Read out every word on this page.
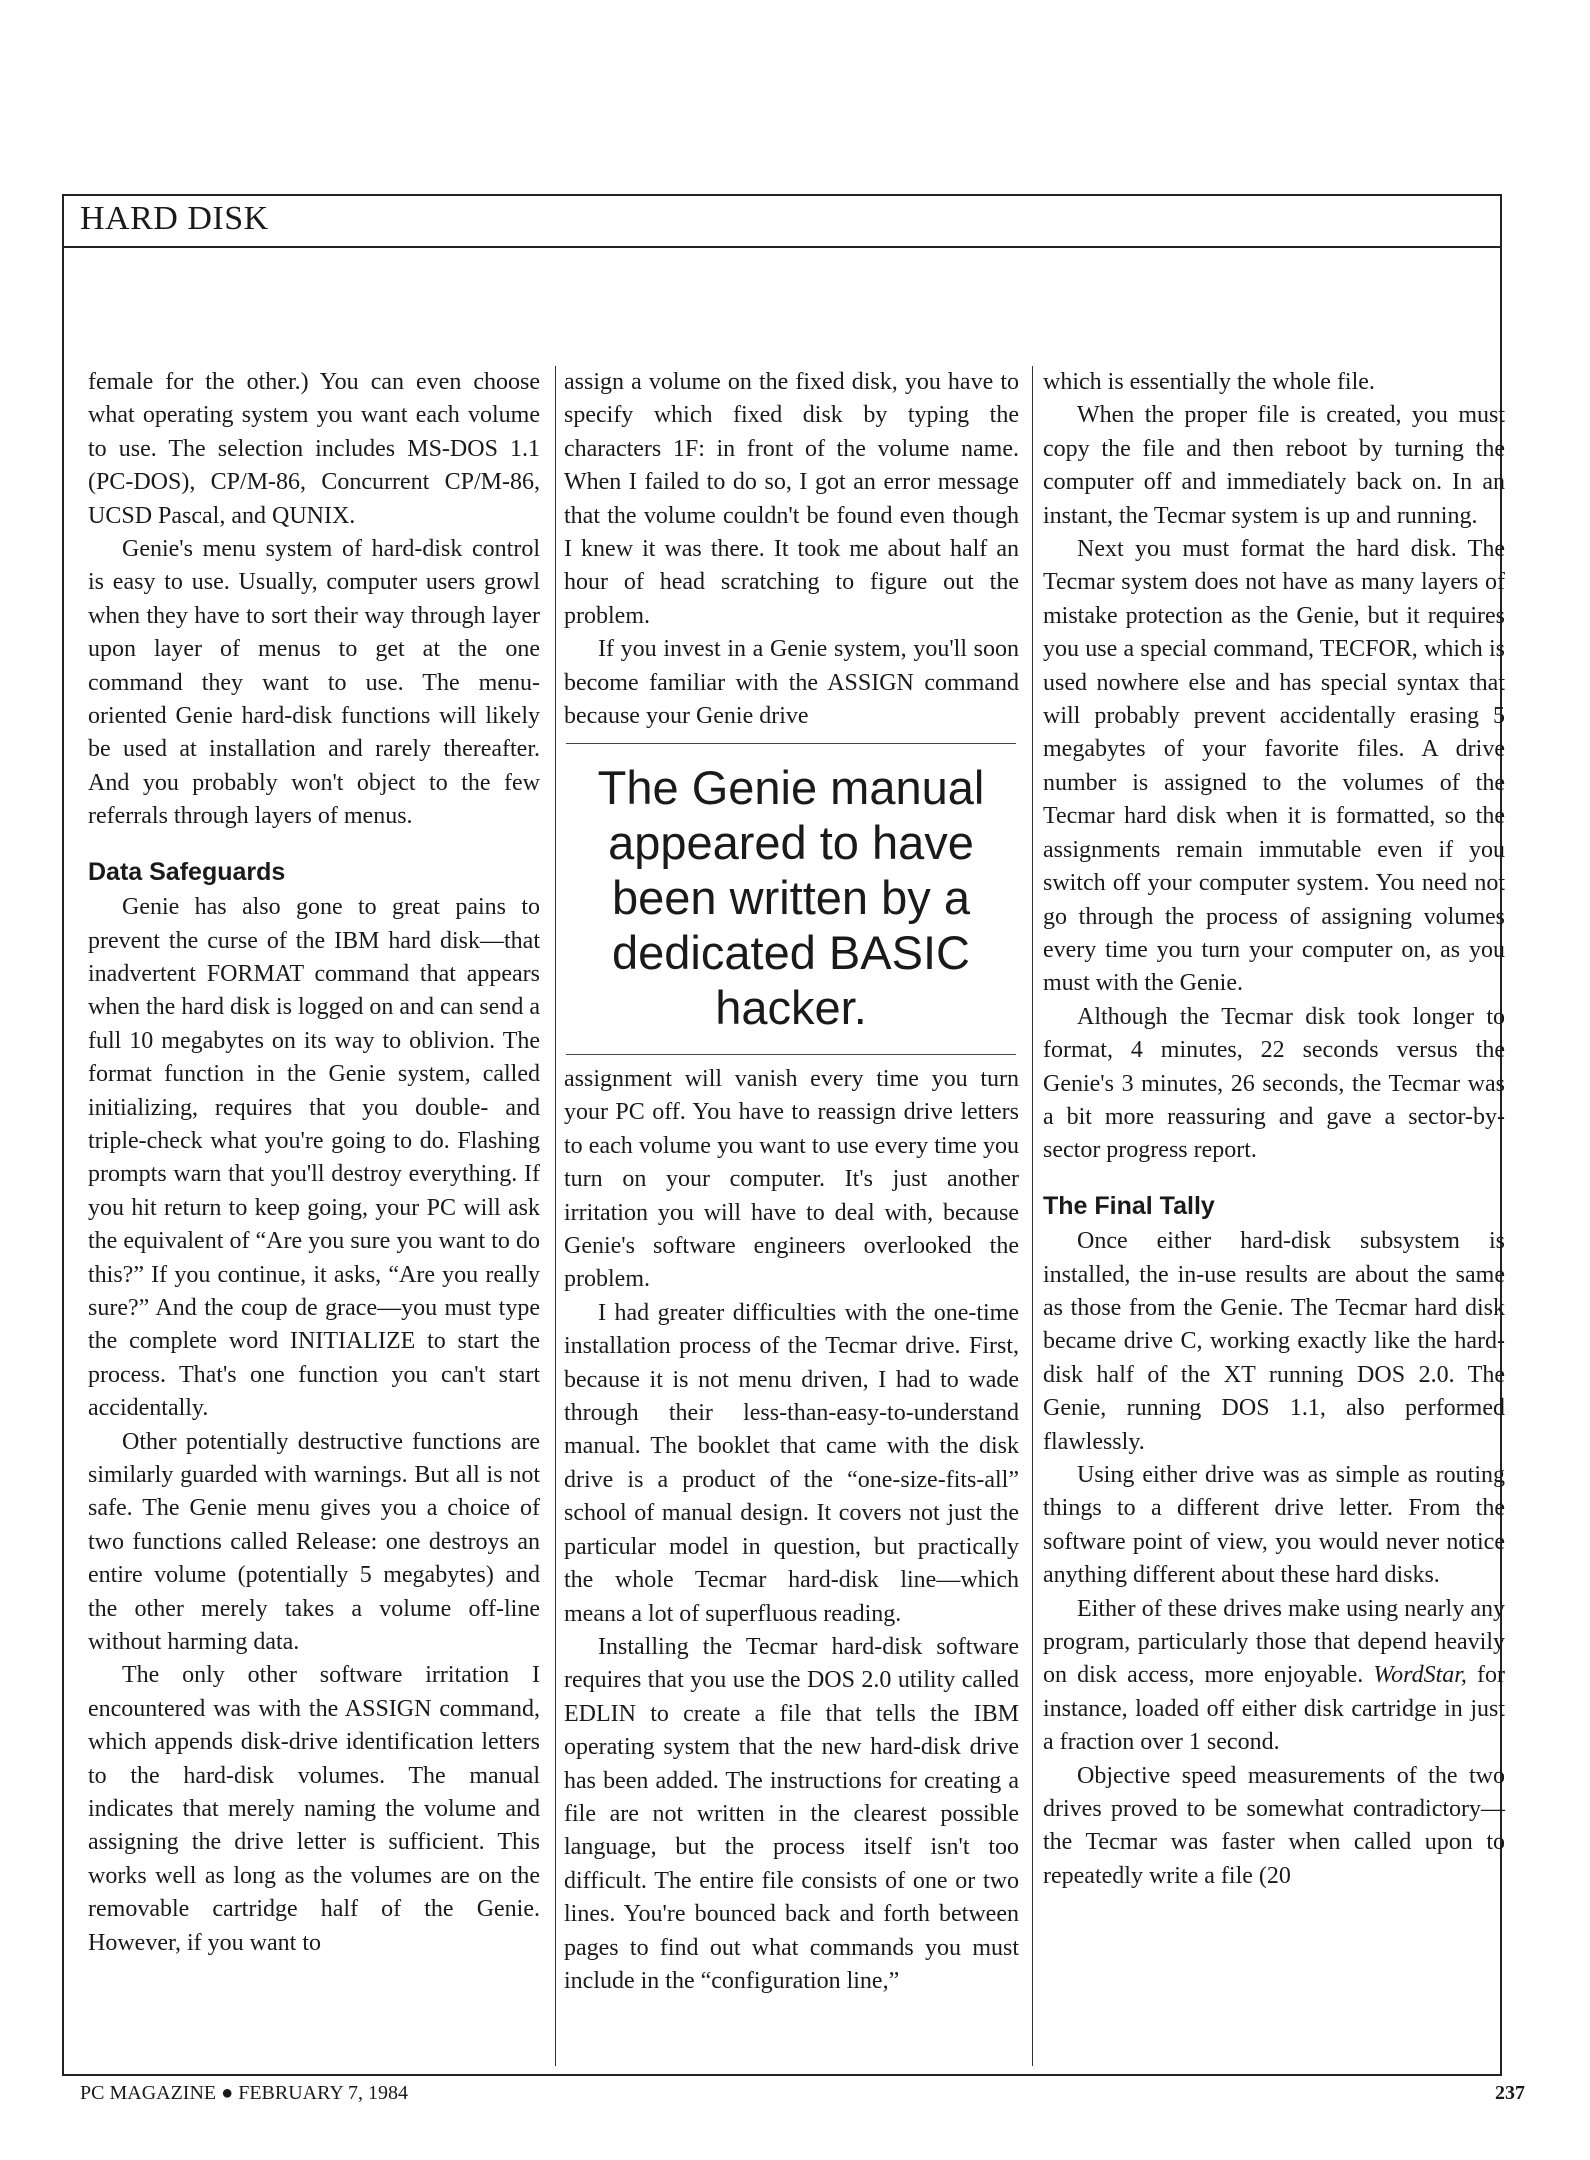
HARD DISK

female for the other.) You can even choose what operating system you want each volume to use. The selection includes MS-DOS 1.1 (PC-DOS), CP/M-86, Concurrent CP/M-86, UCSD Pascal, and QUNIX.

Genie's menu system of hard-disk control is easy to use. Usually, computer users growl when they have to sort their way through layer upon layer of menus to get at the one command they want to use. The menu-oriented Genie hard-disk functions will likely be used at installation and rarely thereafter. And you probably won't object to the few referrals through layers of menus.

Data Safeguards

Genie has also gone to great pains to prevent the curse of the IBM hard disk—that inadvertent FORMAT command that appears when the hard disk is logged on and can send a full 10 megabytes on its way to oblivion. The format function in the Genie system, called initializing, requires that you double- and triple-check what you're going to do. Flashing prompts warn that you'll destroy everything. If you hit return to keep going, your PC will ask the equivalent of “Are you sure you want to do this?” If you continue, it asks, “Are you really sure?” And the coup de grace—you must type the complete word INITIALIZE to start the process. That's one function you can't start accidentally.

Other potentially destructive functions are similarly guarded with warnings. But all is not safe. The Genie menu gives you a choice of two functions called Release: one destroys an entire volume (potentially 5 megabytes) and the other merely takes a volume off-line without harming data.

The only other software irritation I encountered was with the ASSIGN command, which appends disk-drive identification letters to the hard-disk volumes. The manual indicates that merely naming the volume and assigning the drive letter is sufficient. This works well as long as the volumes are on the removable cartridge half of the Genie. However, if you want to

assign a volume on the fixed disk, you have to specify which fixed disk by typing the characters 1F: in front of the volume name. When I failed to do so, I got an error message that the volume couldn't be found even though I knew it was there. It took me about half an hour of head scratching to figure out the problem.

If you invest in a Genie system, you'll soon become familiar with the ASSIGN command because your Genie drive

The Genie manual appeared to have been written by a dedicated BASIC hacker.

assignment will vanish every time you turn your PC off. You have to reassign drive letters to each volume you want to use every time you turn on your computer. It's just another irritation you will have to deal with, because Genie's software engineers overlooked the problem.

I had greater difficulties with the one-time installation process of the Tecmar drive. First, because it is not menu driven, I had to wade through their less-than-easy-to-understand manual. The booklet that came with the disk drive is a product of the “one-size-fits-all” school of manual design. It covers not just the particular model in question, but practically the whole Tecmar hard-disk line—which means a lot of superfluous reading.

Installing the Tecmar hard-disk software requires that you use the DOS 2.0 utility called EDLIN to create a file that tells the IBM operating system that the new hard-disk drive has been added. The instructions for creating a file are not written in the clearest possible language, but the process itself isn't too difficult. The entire file consists of one or two lines. You're bounced back and forth between pages to find out what commands you must include in the “configuration line,”

which is essentially the whole file.

When the proper file is created, you must copy the file and then reboot by turning the computer off and immediately back on. In an instant, the Tecmar system is up and running.

Next you must format the hard disk. The Tecmar system does not have as many layers of mistake protection as the Genie, but it requires you use a special command, TECFOR, which is used nowhere else and has special syntax that will probably prevent accidentally erasing 5 megabytes of your favorite files. A drive number is assigned to the volumes of the Tecmar hard disk when it is formatted, so the assignments remain immutable even if you switch off your computer system. You need not go through the process of assigning volumes every time you turn your computer on, as you must with the Genie.

Although the Tecmar disk took longer to format, 4 minutes, 22 seconds versus the Genie's 3 minutes, 26 seconds, the Tecmar was a bit more reassuring and gave a sector-by-sector progress report.

The Final Tally

Once either hard-disk subsystem is installed, the in-use results are about the same as those from the Genie. The Tecmar hard disk became drive C, working exactly like the hard-disk half of the XT running DOS 2.0. The Genie, running DOS 1.1, also performed flawlessly.

Using either drive was as simple as routing things to a different drive letter. From the software point of view, you would never notice anything different about these hard disks.

Either of these drives make using nearly any program, particularly those that depend heavily on disk access, more enjoyable. WordStar, for instance, loaded off either disk cartridge in just a fraction over 1 second.

Objective speed measurements of the two drives proved to be somewhat contradictory—the Tecmar was faster when called upon to repeatedly write a file (20

PC MAGAZINE ● FEBRUARY 7, 1984	237
